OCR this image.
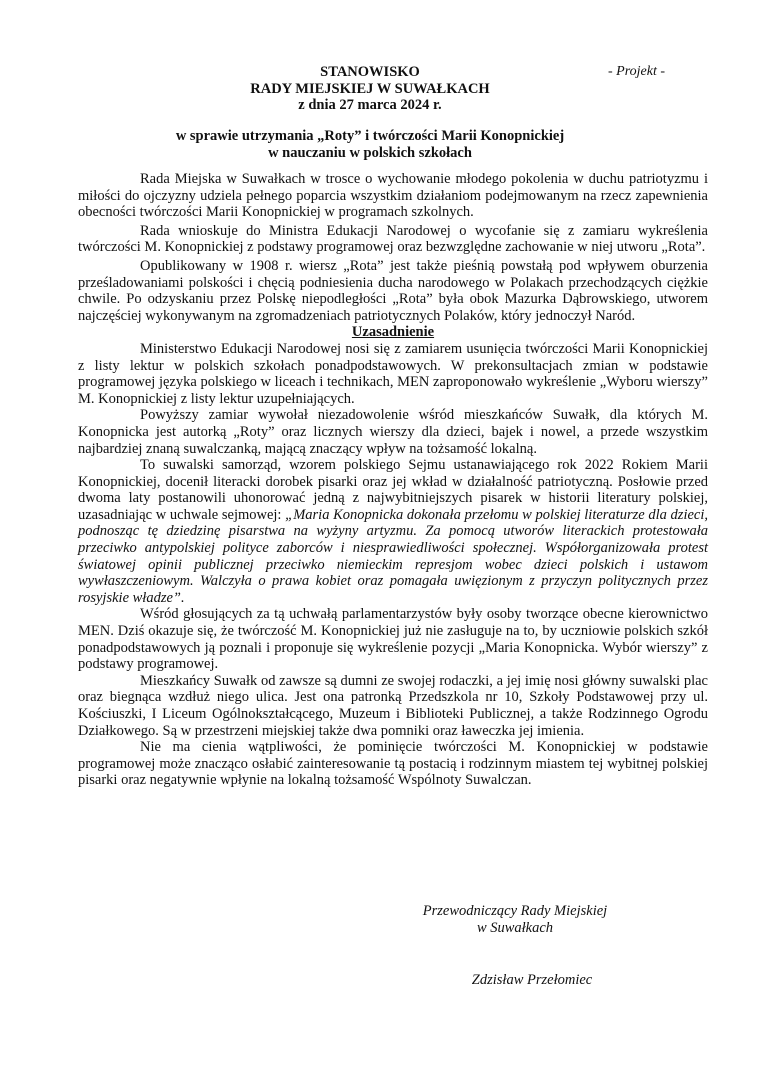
- Projekt -
STANOWISKO
RADY MIEJSKIEJ W SUWAŁKACH
z dnia 27 marca 2024 r.
w sprawie utrzymania „Roty” i twórczości Marii Konopnickiej
w nauczaniu w polskich szkołach

Rada Miejska w Suwałkach w trosce o wychowanie młodego pokolenia w duchu patriotyzmu i miłości do ojczyzny udziela pełnego poparcia wszystkim działaniom podejmowanym na rzecz zapewnienia obecności twórczości Marii Konopnickiej w programach szkolnych.

Rada wnioskuje do Ministra Edukacji Narodowej o wycofanie się z zamiaru wykreślenia twórczości M. Konopnickiej z podstawy programowej oraz bezwzględne zachowanie w niej utworu „Rota”.

Opublikowany w 1908 r. wiersz „Rota” jest także pieśnią powstałą pod wpływem oburzenia prześladowaniami polskości i chęcią podniesienia ducha narodowego w Polakach przechodzących ciężkie chwile. Po odzyskaniu przez Polskę niepodległości „Rota” była obok Mazurka Dąbrowskiego, utworem najczęściej wykonywanym na zgromadzeniach patriotycznych Polaków, który jednoczył Naród.

Uzasadnienie

Ministerstwo Edukacji Narodowej nosi się z zamiarem usunięcia twórczości Marii Konopnickiej z listy lektur w polskich szkołach ponadpodstawowych. W prekonsultacjach zmian w podstawie programowej języka polskiego w liceach i technikach, MEN zaproponowało wykreślenie „Wyboru wierszy” M. Konopnickiej z listy lektur uzupełniających.

Powyższy zamiar wywołał niezadowolenie wśród mieszkańców Suwałk, dla których M. Konopnicka jest autorką „Roty” oraz licznych wierszy dla dzieci, bajek i nowel, a przede wszystkim najbardziej znaną suwalczanką, mającą znaczący wpływ na tożsamość lokalną.

To suwalski samorząd, wzorem polskiego Sejmu ustanawiającego rok 2022 Rokiem Marii Konopnickiej, docenił literacki dorobek pisarki oraz jej wkład w działalność patriotyczną. Posłowie przed dwoma laty postanowili uhonorować jedną z najwybitniejszych pisarek w historii literatury polskiej, uzasadniając w uchwale sejmowej: „Maria Konopnicka dokonała przełomu w polskiej literaturze dla dzieci, podnosząc tę dziedzinę pisarstwa na wyżyny artyzmu. Za pomocą utworów literackich protestowała przeciwko antypolskiej polityce zaborców i niesprawiedliwości społecznej. Współorganizowała protest światowej opinii publicznej przeciwko niemieckim represjom wobec dzieci polskich i ustawom wywłaszczeniowym. Walczyła o prawa kobiet oraz pomagała uwięzionym z przyczyn politycznych przez rosyjskie władze”.

Wśród głosujących za tą uchwałą parlamentarzystów były osoby tworzące obecne kierownictwo MEN. Dziś okazuje się, że twórczość M. Konopnickiej już nie zasługuje na to, by uczniowie polskich szkół ponadpodstawowych ją poznali i proponuje się wykreślenie pozycji „Maria Konopnicka. Wybór wierszy” z podstawy programowej.

Mieszkańcy Suwałk od zawsze są dumni ze swojej rodaczki, a jej imię nosi główny suwalski plac oraz biegnąca wzdłuż niego ulica. Jest ona patronką Przedszkola nr 10, Szkoły Podstawowej przy ul. Kościuszki, I Liceum Ogólnokształcącego, Muzeum i Biblioteki Publicznej, a także Rodzinnego Ogrodu Działkowego. Są w przestrzeni miejskiej także dwa pomniki oraz ławeczka jej imienia.

Nie ma cienia wątpliwości, że pominięcie twórczości M. Konopnickiej w podstawie programowej może znacząco osłabić zainteresowanie tą postacią i rodzinnym miastem tej wybitnej polskiej pisarki oraz negatywnie wpłynie na lokalną tożsamość Wspólnoty Suwalczan.

Przewodniczący Rady Miejskiej
w Suwałkach
Zdzisław Przełomiec
